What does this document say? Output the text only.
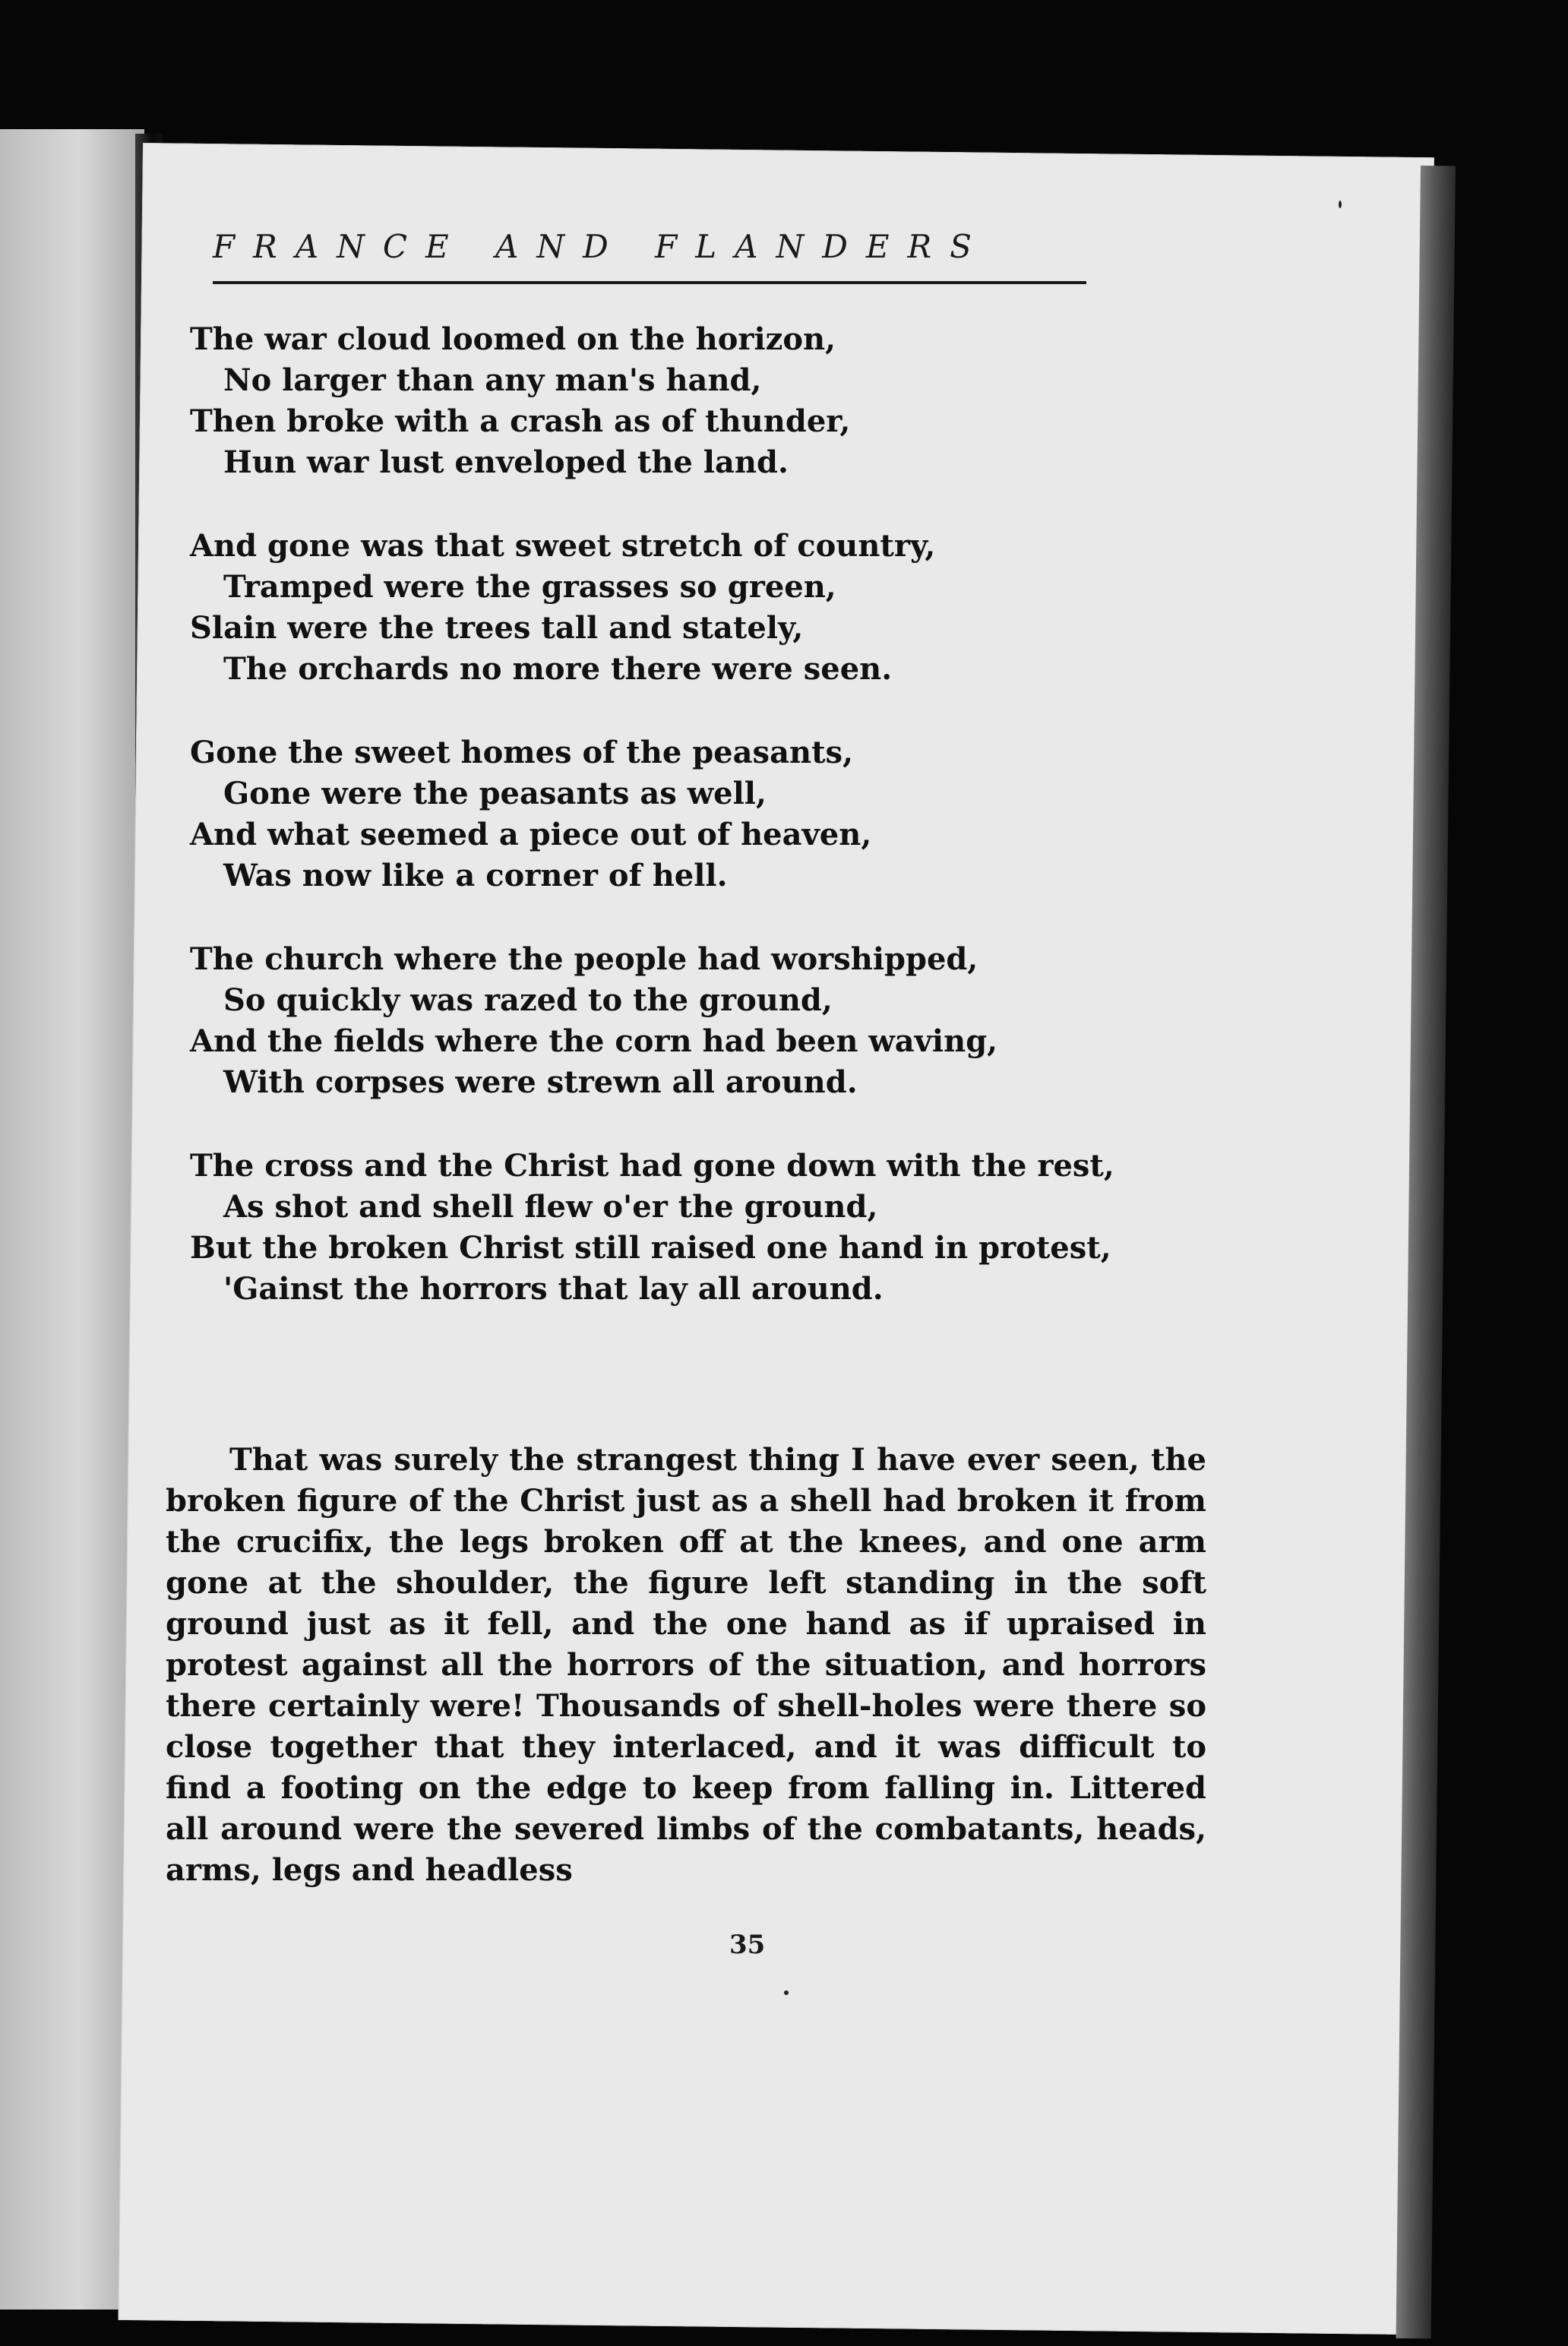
FRANCE AND FLANDERS
The war cloud loomed on the horizon,
No larger than any man's hand,
Then broke with a crash as of thunder,
Hun war lust enveloped the land.
And gone was that sweet stretch of country,
Tramped were the grasses so green,
Slain were the trees tall and stately,
The orchards no more there were seen.
Gone the sweet homes of the peasants,
Gone were the peasants as well,
And what seemed a piece out of heaven,
Was now like a corner of hell.
The church where the people had worshipped,
So quickly was razed to the ground,
And the fields where the corn had been waving,
With corpses were strewn all around.
The cross and the Christ had gone down with the rest,
As shot and shell flew o'er the ground,
But the broken Christ still raised one hand in protest,
'Gainst the horrors that lay all around.

That was surely the strangest thing I have ever seen, the broken figure of the Christ just as a shell had broken it from the crucifix, the legs broken off at the knees, and one arm gone at the shoulder, the figure left standing in the soft ground just as it fell, and the one hand as if upraised in protest against all the horrors of the situation, and horrors there certainly were! Thousands of shell-holes were there so close together that they interlaced, and it was difficult to find a footing on the edge to keep from falling in. Littered all around were the severed limbs of the combatants, heads, arms, legs and headless

35
